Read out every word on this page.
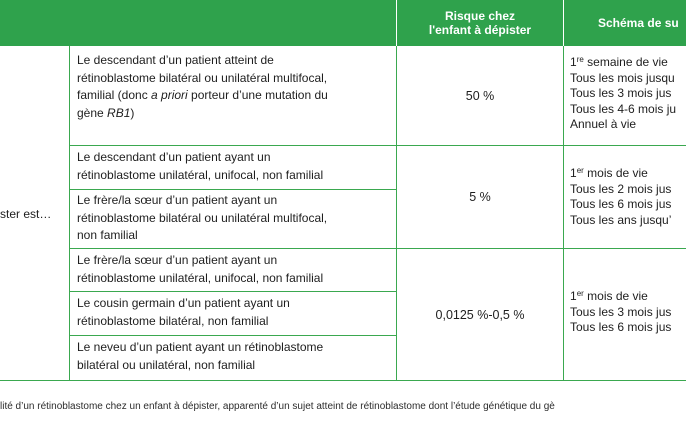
Risque chez l'enfant à dépister	Schéma de su
ster est…
Le descendant d’un patient atteint de
rétinoblastome bilatéral ou unilatéral multifocal,
familial (donc a priori porteur d’une mutation du
gène RB1)
Le descendant d’un patient ayant un
rétinoblastome unilatéral, unifocal, non familial
Le frère/la sœur d’un patient ayant un
rétinoblastome bilatéral ou unilatéral multifocal,
non familial
Le frère/la sœur d’un patient ayant un
rétinoblastome unilatéral, unifocal, non familial
Le cousin germain d’un patient ayant un
rétinoblastome bilatéral, non familial
Le neveu d’un patient ayant un rétinoblastome
bilatéral ou unilatéral, non familial
50 %
5 %
0,0125 %-0,5 %
1re semaine de vie
Tous les mois jusqu
Tous les 3 mois jus
Tous les 4-6 mois ju
Annuel à vie
1er mois de vie
Tous les 2 mois jus
Tous les 6 mois jus
Tous les ans jusqu’
1er mois de vie
Tous les 3 mois jus
Tous les 6 mois jus
lité d’un rétinoblastome chez un enfant à dépister, apparenté d’un sujet atteint de rétinoblastome dont l’étude génétique du gè
